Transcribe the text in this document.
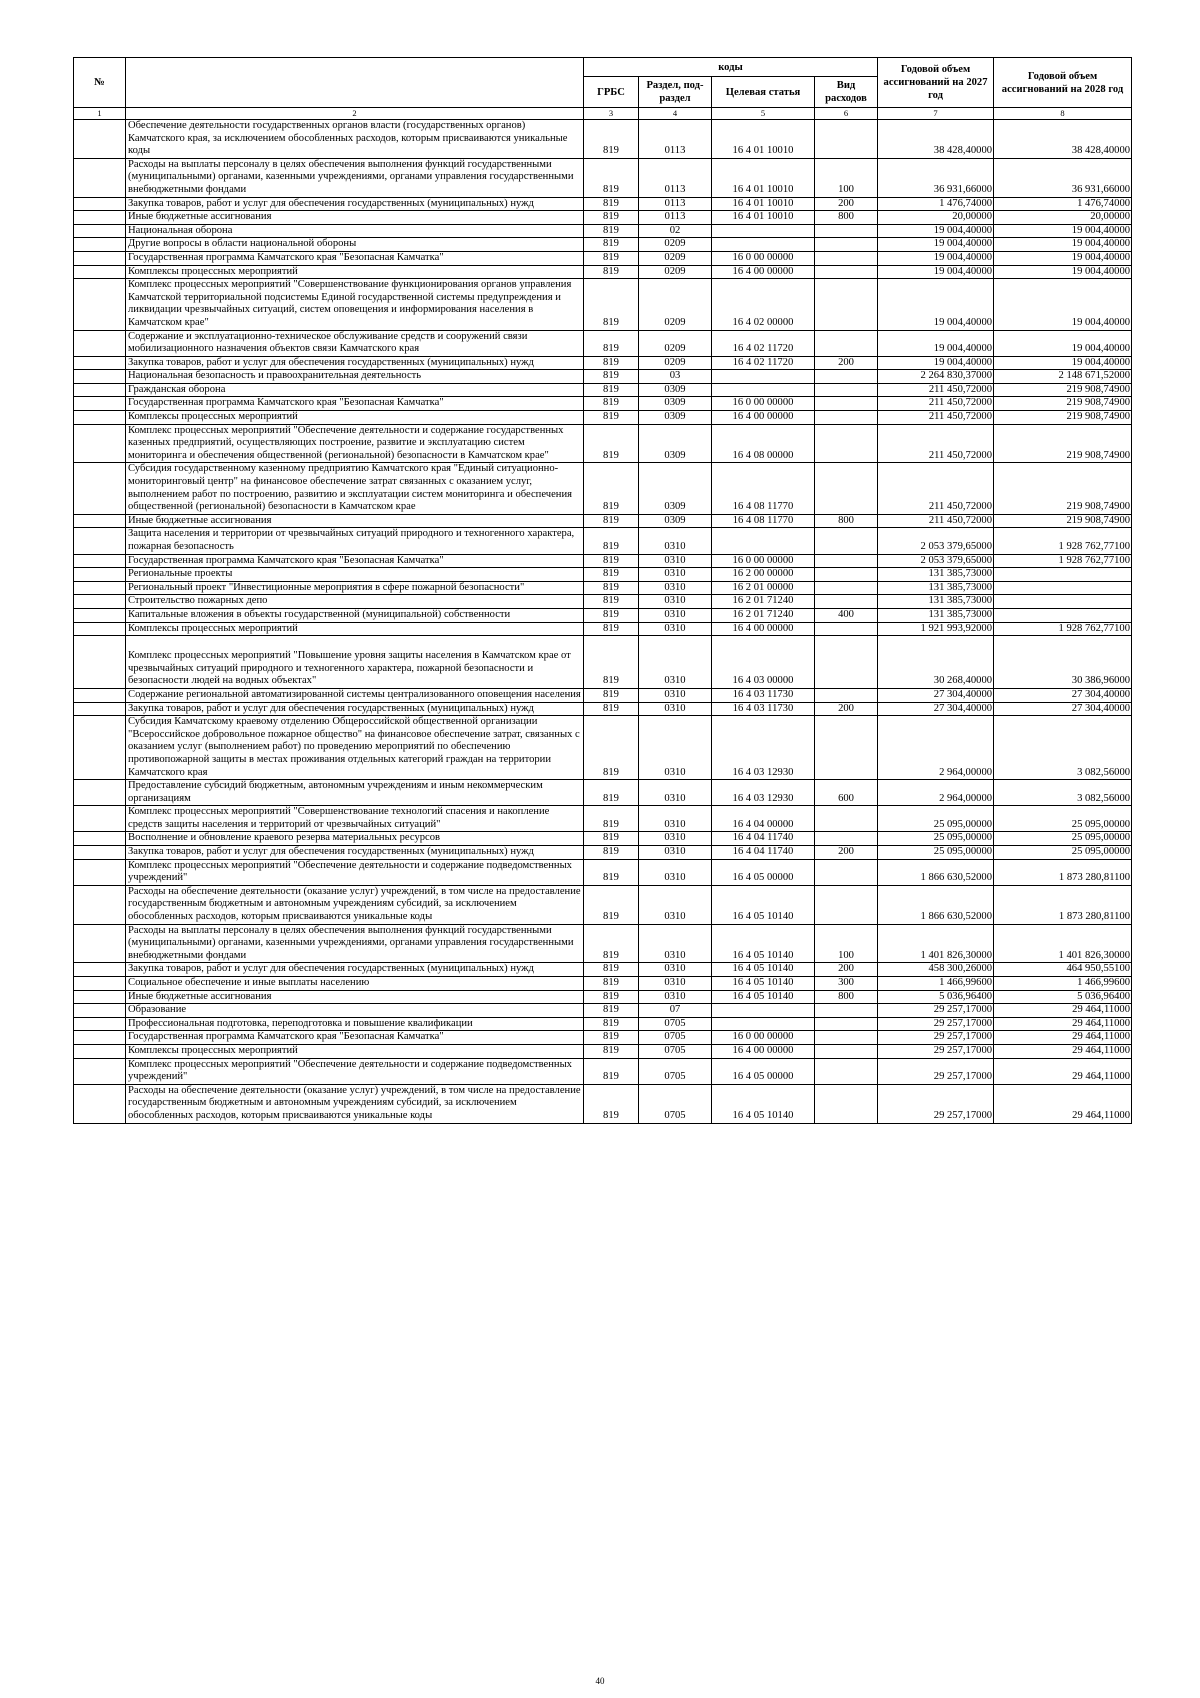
№		коды				Годовой объем ассигнований на 2027 год	Годовой объем ассигнований на 2028 год
		ГРБС	Раздел, под-раздел	Целевая статья	Вид расходов		
1	2	3	4	5	6	7	8
	Обеспечение деятельности государственных органов власти (государственных органов) Камчатского края, за исключением обособленных расходов, которым присваиваются уникальные коды	819	0113	16 4 01 10010		38 428,40000	38 428,40000
	Расходы на выплаты персоналу в целях обеспечения выполнения функций государственными (муниципальными) органами, казенными учреждениями, органами управления государственными внебюджетными фондами	819	0113	16 4 01 10010	100	36 931,66000	36 931,66000
	Закупка товаров, работ и услуг для обеспечения государственных (муниципальных) нужд	819	0113	16 4 01 10010	200	1 476,74000	1 476,74000
	Иные бюджетные ассигнования	819	0113	16 4 01 10010	800	20,00000	20,00000
	Национальная оборона	819	02			19 004,40000	19 004,40000
	Другие вопросы в области национальной обороны	819	0209			19 004,40000	19 004,40000
	Государственная программа Камчатского края "Безопасная Камчатка"	819	0209	16 0 00 00000		19 004,40000	19 004,40000
	Комплексы процессных мероприятий	819	0209	16 4 00 00000		19 004,40000	19 004,40000
	Комплекс процессных мероприятий "Совершенствование функционирования органов управления Камчатской территориальной подсистемы Единой государственной системы предупреждения и ликвидации чрезвычайных ситуаций, систем оповещения и информирования населения в Камчатском крае"	819	0209	16 4 02 00000		19 004,40000	19 004,40000
	Содержание и эксплуатационно-техническое обслуживание средств и сооружений связи мобилизационного назначения объектов связи Камчатского края	819	0209	16 4 02 11720		19 004,40000	19 004,40000
	Закупка товаров, работ и услуг для обеспечения государственных (муниципальных) нужд	819	0209	16 4 02 11720	200	19 004,40000	19 004,40000
	Национальная безопасность и правоохранительная деятельность	819	03			2 264 830,37000	2 148 671,52000
	Гражданская оборона	819	0309			211 450,72000	219 908,74900
	Государственная программа Камчатского края "Безопасная Камчатка"	819	0309	16 0 00 00000		211 450,72000	219 908,74900
	Комплексы процессных мероприятий	819	0309	16 4 00 00000		211 450,72000	219 908,74900
	Комплекс процессных мероприятий "Обеспечение деятельности и содержание государственных казенных предприятий, осуществляющих построение, развитие и эксплуатацию систем мониторинга и обеспечения общественной (региональной) безопасности в Камчатском крае"	819	0309	16 4 08 00000		211 450,72000	219 908,74900
	Субсидия государственному казенному предприятию Камчатского края "Единый ситуационно-мониторинговый центр" на финансовое обеспечение затрат связанных с оказанием услуг, выполнением работ по построению, развитию и эксплуатации систем мониторинга и обеспечения общественной (региональной) безопасности в Камчатском крае	819	0309	16 4 08 11770		211 450,72000	219 908,74900
	Иные бюджетные ассигнования	819	0309	16 4 08 11770	800	211 450,72000	219 908,74900
	Защита населения и территории от чрезвычайных ситуаций природного и техногенного характера, пожарная безопасность	819	0310			2 053 379,65000	1 928 762,77100
	Государственная программа Камчатского края "Безопасная Камчатка"	819	0310	16 0 00 00000		2 053 379,65000	1 928 762,77100
	Региональные проекты	819	0310	16 2 00 00000		131 385,73000	
	Региональный проект "Инвестиционные мероприятия в сфере пожарной безопасности"	819	0310	16 2 01 00000		131 385,73000	
	Строительство пожарных депо	819	0310	16 2 01 71240		131 385,73000	
	Капитальные вложения в объекты государственной (муниципальной) собственности	819	0310	16 2 01 71240	400	131 385,73000	
	Комплексы процессных мероприятий	819	0310	16 4 00 00000		1 921 993,92000	1 928 762,77100
	Комплекс процессных мероприятий "Повышение уровня защиты населения в Камчатском крае от чрезвычайных ситуаций природного и техногенного характера, пожарной безопасности и безопасности людей на водных объектах"	819	0310	16 4 03 00000		30 268,40000	30 386,96000
	Содержание региональной автоматизированной системы централизованного оповещения населения	819	0310	16 4 03 11730		27 304,40000	27 304,40000
	Закупка товаров, работ и услуг для обеспечения государственных (муниципальных) нужд	819	0310	16 4 03 11730	200	27 304,40000	27 304,40000
	Субсидия Камчатскому краевому отделению Общероссийской общественной организации "Всероссийское добровольное пожарное общество" на финансовое обеспечение затрат, связанных с оказанием услуг (выполнением работ) по проведению мероприятий по обеспечению противопожарной защиты в местах проживания отдельных категорий граждан на территории Камчатского края	819	0310	16 4 03 12930		2 964,00000	3 082,56000
	Предоставление субсидий бюджетным, автономным учреждениям и иным некоммерческим организациям	819	0310	16 4 03 12930	600	2 964,00000	3 082,56000
	Комплекс процессных мероприятий "Совершенствование технологий спасения и накопление средств защиты населения и территорий от чрезвычайных ситуаций"	819	0310	16 4 04 00000		25 095,00000	25 095,00000
	Восполнение и обновление краевого резерва материальных ресурсов	819	0310	16 4 04 11740		25 095,00000	25 095,00000
	Закупка товаров, работ и услуг для обеспечения государственных (муниципальных) нужд	819	0310	16 4 04 11740	200	25 095,00000	25 095,00000
	Комплекс процессных мероприятий "Обеспечение деятельности и содержание подведомственных учреждений"	819	0310	16 4 05 00000		1 866 630,52000	1 873 280,81100
	Расходы на обеспечение деятельности (оказание услуг) учреждений, в том числе на предоставление государственным бюджетным и автономным учреждениям субсидий, за исключением обособленных расходов, которым присваиваются уникальные коды	819	0310	16 4 05 10140		1 866 630,52000	1 873 280,81100
	Расходы на выплаты персоналу в целях обеспечения выполнения функций государственными (муниципальными) органами, казенными учреждениями, органами управления государственными внебюджетными фондами	819	0310	16 4 05 10140	100	1 401 826,30000	1 401 826,30000
	Закупка товаров, работ и услуг для обеспечения государственных (муниципальных) нужд	819	0310	16 4 05 10140	200	458 300,26000	464 950,55100
	Социальное обеспечение и иные выплаты населению	819	0310	16 4 05 10140	300	1 466,99600	1 466,99600
	Иные бюджетные ассигнования	819	0310	16 4 05 10140	800	5 036,96400	5 036,96400
	Образование	819	07			29 257,17000	29 464,11000
	Профессиональная подготовка, переподготовка и повышение квалификации	819	0705			29 257,17000	29 464,11000
	Государственная программа Камчатского края "Безопасная Камчатка"	819	0705	16 0 00 00000		29 257,17000	29 464,11000
	Комплексы процессных мероприятий	819	0705	16 4 00 00000		29 257,17000	29 464,11000
	Комплекс процессных мероприятий "Обеспечение деятельности и содержание подведомственных учреждений"	819	0705	16 4 05 00000		29 257,17000	29 464,11000
	Расходы на обеспечение деятельности (оказание услуг) учреждений, в том числе на предоставление государственным бюджетным и автономным учреждениям субсидий, за исключением обособленных расходов, которым присваиваются уникальные коды	819	0705	16 4 05 10140		29 257,17000	29 464,11000
40
